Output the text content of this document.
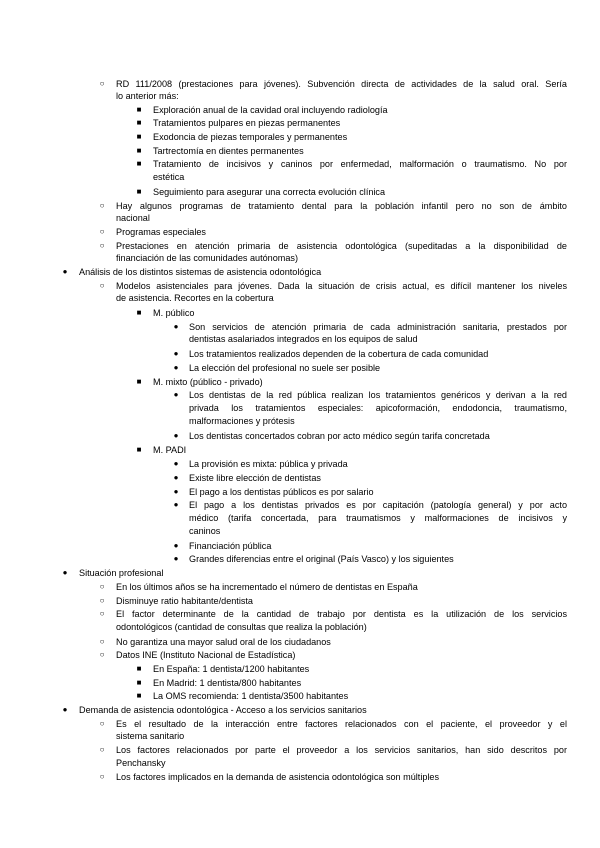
○ RD 111/2008 (prestaciones para jóvenes). Subvención directa de actividades de la salud oral. Sería
lo anterior más:
■ Exploración anual de la cavidad oral incluyendo radiología
■ Tratamientos pulpares en piezas permanentes
■ Exodoncia de piezas temporales y permanentes
■ Tartrectomía en dientes permanentes
■ Tratamiento de incisivos y caninos por enfermedad, malformación o traumatismo. No por
estética
■ Seguimiento para asegurar una correcta evolución clínica
○ Hay algunos programas de tratamiento dental para la población infantil pero no son de ámbito
nacional
○ Programas especiales
○ Prestaciones en atención primaria de asistencia odontológica (supeditadas a la disponibilidad de
financiación de las comunidades autónomas)
● Análisis de los distintos sistemas de asistencia odontológica
○ Modelos asistenciales para jóvenes. Dada la situación de crisis actual, es difícil mantener los niveles
de asistencia. Recortes en la cobertura
■ M. público
● Son servicios de atención primaria de cada administración sanitaria, prestados por
dentistas asalariados integrados en los equipos de salud
● Los tratamientos realizados dependen de la cobertura de cada comunidad
● La elección del profesional no suele ser posible
■ M. mixto (público - privado)
● Los dentistas de la red pública realizan los tratamientos genéricos y derivan a la red
privada los tratamientos especiales: apicoformación, endodoncia, traumatismo,
malformaciones y prótesis
● Los dentistas concertados cobran por acto médico según tarifa concretada
■ M. PADI
● La provisión es mixta: pública y privada
● Existe libre elección de dentistas
● El pago a los dentistas públicos es por salario
● El pago a los dentistas privados es por capitación (patología general) y por acto
médico (tarifa concertada, para traumatismos y malformaciones de incisivos y
caninos
● Financiación pública
● Grandes diferencias entre el original (País Vasco) y los siguientes
● Situación profesional
○ En los últimos años se ha incrementado el número de dentistas en España
○ Disminuye ratio habitante/dentista
○ El factor determinante de la cantidad de trabajo por dentista es la utilización de los servicios
odontológicos (cantidad de consultas que realiza la población)
○ No garantiza una mayor salud oral de los ciudadanos
○ Datos INE (Instituto Nacional de Estadística)
■ En España: 1 dentista/1200 habitantes
■ En Madrid: 1 dentista/800 habitantes
■ La OMS recomienda: 1 dentista/3500 habitantes
● Demanda de asistencia odontológica - Acceso a los servicios sanitarios
○ Es el resultado de la interacción entre factores relacionados con el paciente, el proveedor y el
sistema sanitario
○ Los factores relacionados por parte el proveedor a los servicios sanitarios, han sido descritos por
Penchansky
○ Los factores implicados en la demanda de asistencia odontológica son múltiples
